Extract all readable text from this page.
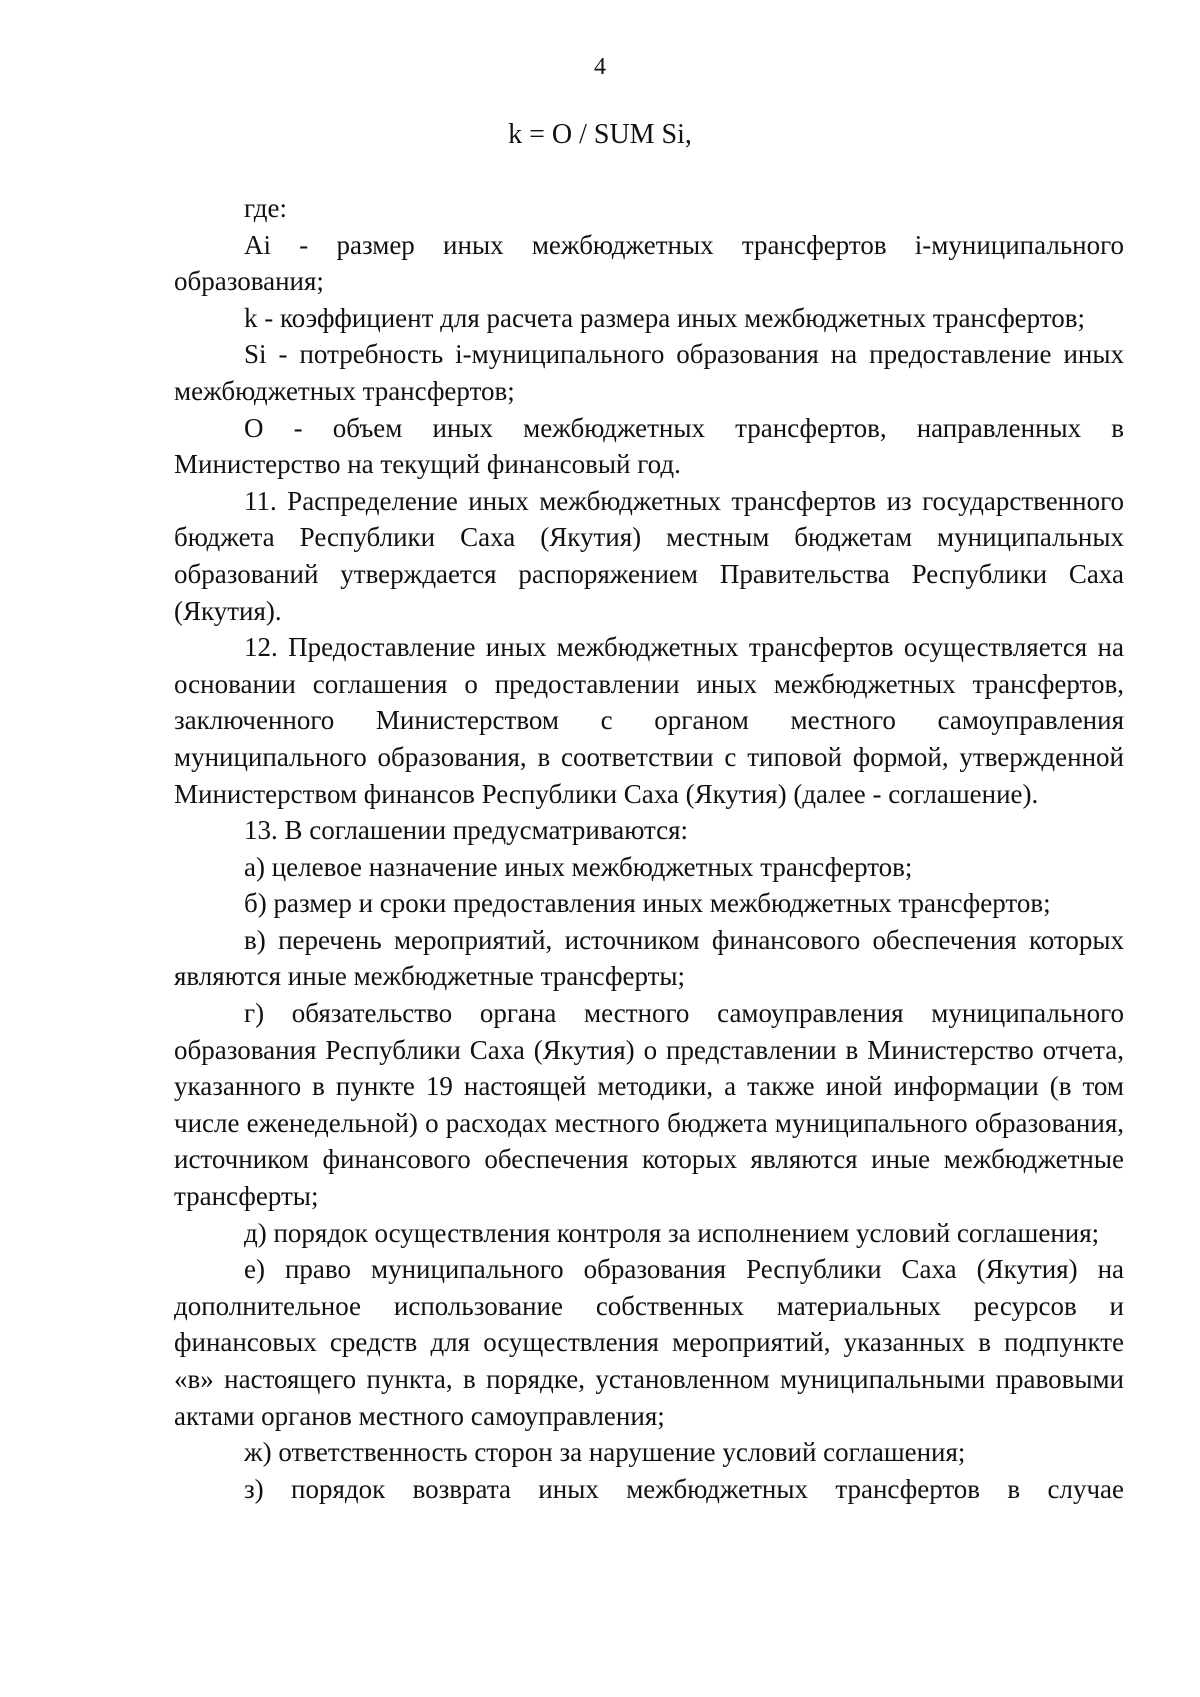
4
k = O / SUM Si,

где:

Ai - размер иных межбюджетных трансфертов i-муниципального образования;

k - коэффициент для расчета размера иных межбюджетных трансфертов;

Si - потребность i-муниципального образования на предоставление иных межбюджетных трансфертов;

O - объем иных межбюджетных трансфертов, направленных в Министерство на текущий финансовый год.

11. Распределение иных межбюджетных трансфертов из государственного бюджета Республики Саха (Якутия) местным бюджетам муниципальных образований утверждается распоряжением Правительства Республики Саха (Якутия).

12. Предоставление иных межбюджетных трансфертов осуществляется на основании соглашения о предоставлении иных межбюджетных трансфертов, заключенного Министерством с органом местного самоуправления муниципального образования, в соответствии с типовой формой, утвержденной Министерством финансов Республики Саха (Якутия) (далее - соглашение).

13. В соглашении предусматриваются:

а) целевое назначение иных межбюджетных трансфертов;

б) размер и сроки предоставления иных межбюджетных трансфертов;

в) перечень мероприятий, источником финансового обеспечения которых являются иные межбюджетные трансферты;

г) обязательство органа местного самоуправления муниципального образования Республики Саха (Якутия) о представлении в Министерство отчета, указанного в пункте 19 настоящей методики, а также иной информации (в том числе еженедельной) о расходах местного бюджета муниципального образования, источником финансового обеспечения которых являются иные межбюджетные трансферты;

д) порядок осуществления контроля за исполнением условий соглашения;

е) право муниципального образования Республики Саха (Якутия) на дополнительное использование собственных материальных ресурсов и финансовых средств для осуществления мероприятий, указанных в подпункте «в» настоящего пункта, в порядке, установленном муниципальными правовыми актами органов местного самоуправления;

ж) ответственность сторон за нарушение условий соглашения;

з) порядок возврата иных межбюджетных трансфертов в случае
